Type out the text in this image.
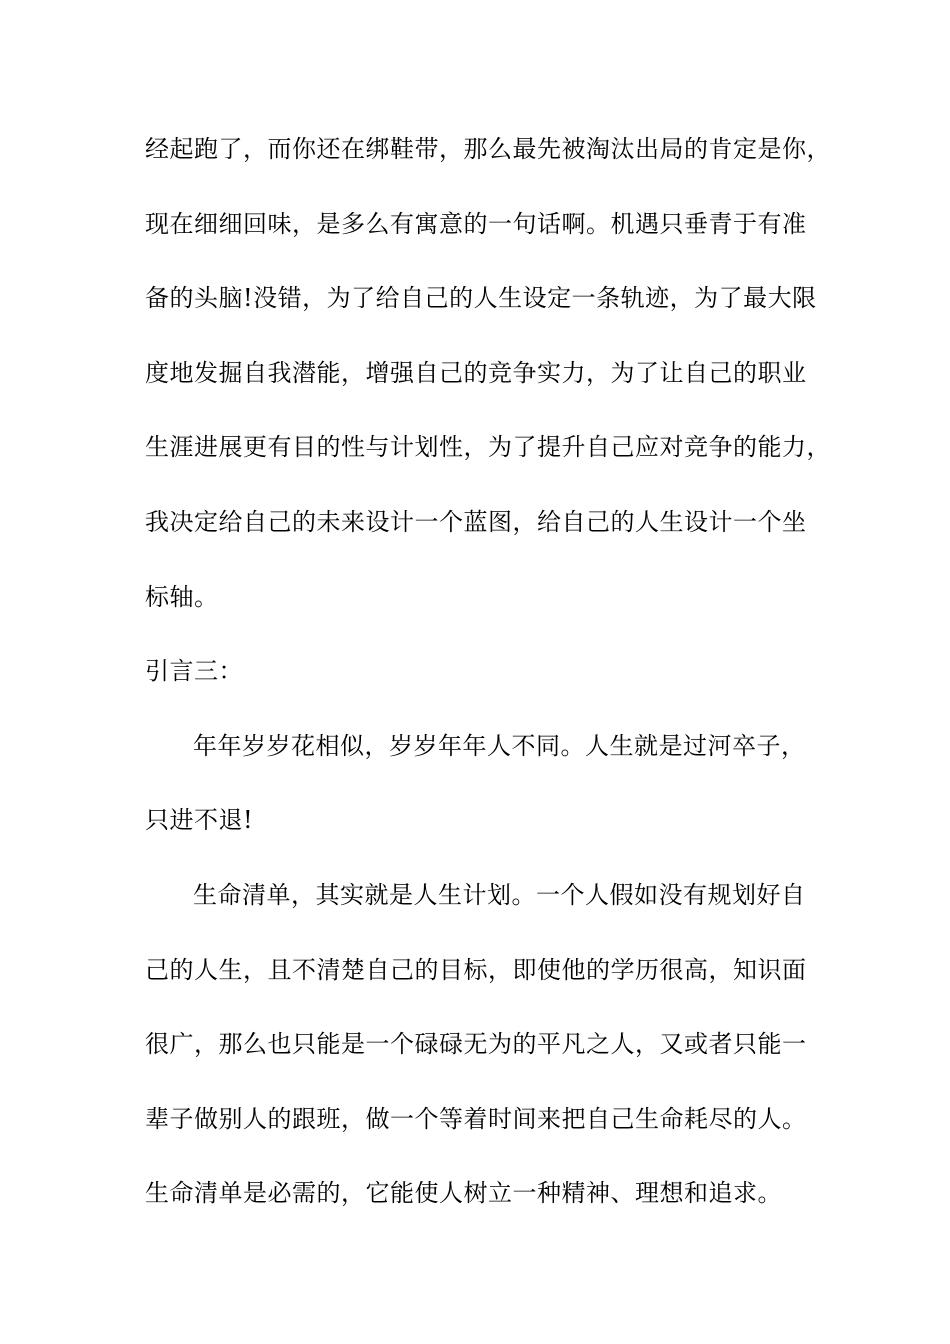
经起跑了，而你还在绑鞋带，那么最先被淘汰出局的肯定是你，
现在细细回味，是多么有寓意的一句话啊。机遇只垂青于有准
备的头脑!没错，为了给自己的人生设定一条轨迹，为了最大限
度地发掘自我潜能，增强自己的竞争实力，为了让自己的职业
生涯进展更有目的性与计划性，为了提升自己应对竞争的能力，
我决定给自己的未来设计一个蓝图，给自己的人生设计一个坐
标轴。
引言三：
年年岁岁花相似，岁岁年年人不同。人生就是过河卒子，
只进不退!
生命清单，其实就是人生计划。一个人假如没有规划好自
己的人生，且不清楚自己的目标，即使他的学历很高，知识面
很广，那么也只能是一个碌碌无为的平凡之人，又或者只能一
辈子做别人的跟班，做一个等着时间来把自己生命耗尽的人。
生命清单是必需的，它能使人树立一种精神、理想和追求。
